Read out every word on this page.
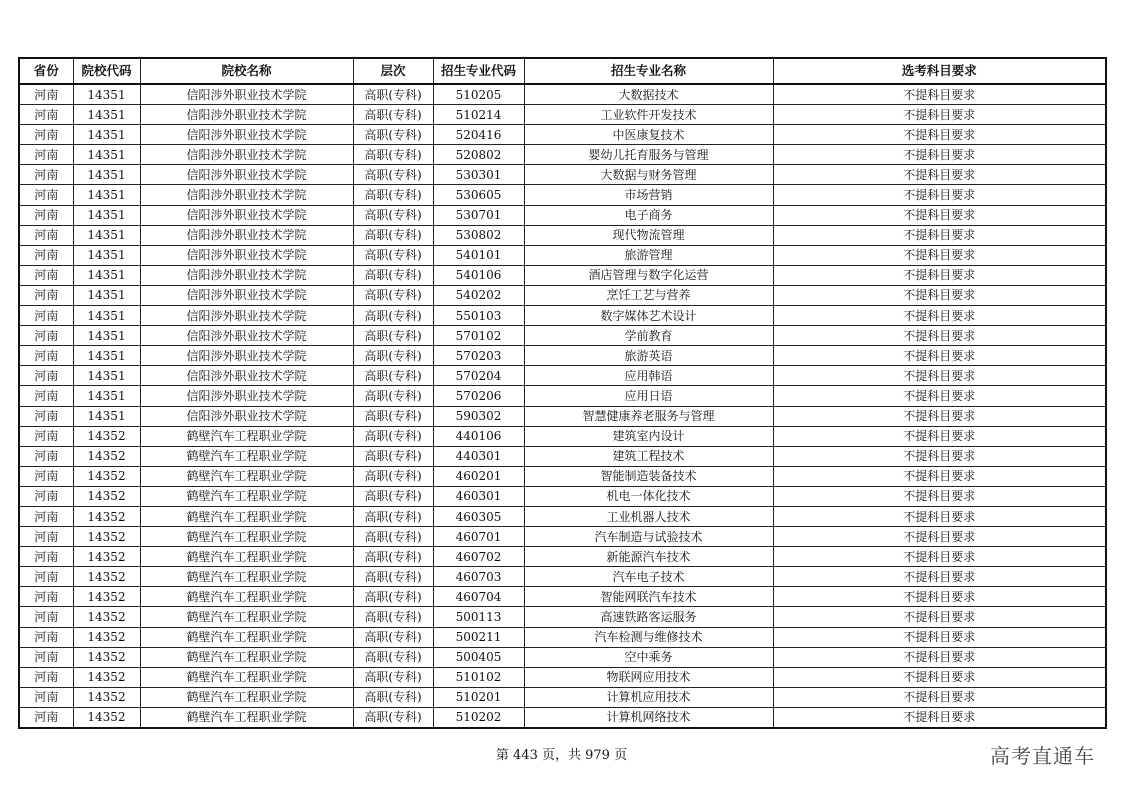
省份	院校代码	院校名称	层次	招生专业代码	招生专业名称	选考科目要求
河南	14351	信阳涉外职业技术学院	高职(专科)	510205	大数据技术	不提科目要求
河南	14351	信阳涉外职业技术学院	高职(专科)	510214	工业软件开发技术	不提科目要求
河南	14351	信阳涉外职业技术学院	高职(专科)	520416	中医康复技术	不提科目要求
河南	14351	信阳涉外职业技术学院	高职(专科)	520802	婴幼儿托育服务与管理	不提科目要求
河南	14351	信阳涉外职业技术学院	高职(专科)	530301	大数据与财务管理	不提科目要求
河南	14351	信阳涉外职业技术学院	高职(专科)	530605	市场营销	不提科目要求
河南	14351	信阳涉外职业技术学院	高职(专科)	530701	电子商务	不提科目要求
河南	14351	信阳涉外职业技术学院	高职(专科)	530802	现代物流管理	不提科目要求
河南	14351	信阳涉外职业技术学院	高职(专科)	540101	旅游管理	不提科目要求
河南	14351	信阳涉外职业技术学院	高职(专科)	540106	酒店管理与数字化运营	不提科目要求
河南	14351	信阳涉外职业技术学院	高职(专科)	540202	烹饪工艺与营养	不提科目要求
河南	14351	信阳涉外职业技术学院	高职(专科)	550103	数字媒体艺术设计	不提科目要求
河南	14351	信阳涉外职业技术学院	高职(专科)	570102	学前教育	不提科目要求
河南	14351	信阳涉外职业技术学院	高职(专科)	570203	旅游英语	不提科目要求
河南	14351	信阳涉外职业技术学院	高职(专科)	570204	应用韩语	不提科目要求
河南	14351	信阳涉外职业技术学院	高职(专科)	570206	应用日语	不提科目要求
河南	14351	信阳涉外职业技术学院	高职(专科)	590302	智慧健康养老服务与管理	不提科目要求
河南	14352	鹤壁汽车工程职业学院	高职(专科)	440106	建筑室内设计	不提科目要求
河南	14352	鹤壁汽车工程职业学院	高职(专科)	440301	建筑工程技术	不提科目要求
河南	14352	鹤壁汽车工程职业学院	高职(专科)	460201	智能制造装备技术	不提科目要求
河南	14352	鹤壁汽车工程职业学院	高职(专科)	460301	机电一体化技术	不提科目要求
河南	14352	鹤壁汽车工程职业学院	高职(专科)	460305	工业机器人技术	不提科目要求
河南	14352	鹤壁汽车工程职业学院	高职(专科)	460701	汽车制造与试验技术	不提科目要求
河南	14352	鹤壁汽车工程职业学院	高职(专科)	460702	新能源汽车技术	不提科目要求
河南	14352	鹤壁汽车工程职业学院	高职(专科)	460703	汽车电子技术	不提科目要求
河南	14352	鹤壁汽车工程职业学院	高职(专科)	460704	智能网联汽车技术	不提科目要求
河南	14352	鹤壁汽车工程职业学院	高职(专科)	500113	高速铁路客运服务	不提科目要求
河南	14352	鹤壁汽车工程职业学院	高职(专科)	500211	汽车检测与维修技术	不提科目要求
河南	14352	鹤壁汽车工程职业学院	高职(专科)	500405	空中乘务	不提科目要求
河南	14352	鹤壁汽车工程职业学院	高职(专科)	510102	物联网应用技术	不提科目要求
河南	14352	鹤壁汽车工程职业学院	高职(专科)	510201	计算机应用技术	不提科目要求
河南	14352	鹤壁汽车工程职业学院	高职(专科)	510202	计算机网络技术	不提科目要求
第 443 页，共 979 页	高考直通车
